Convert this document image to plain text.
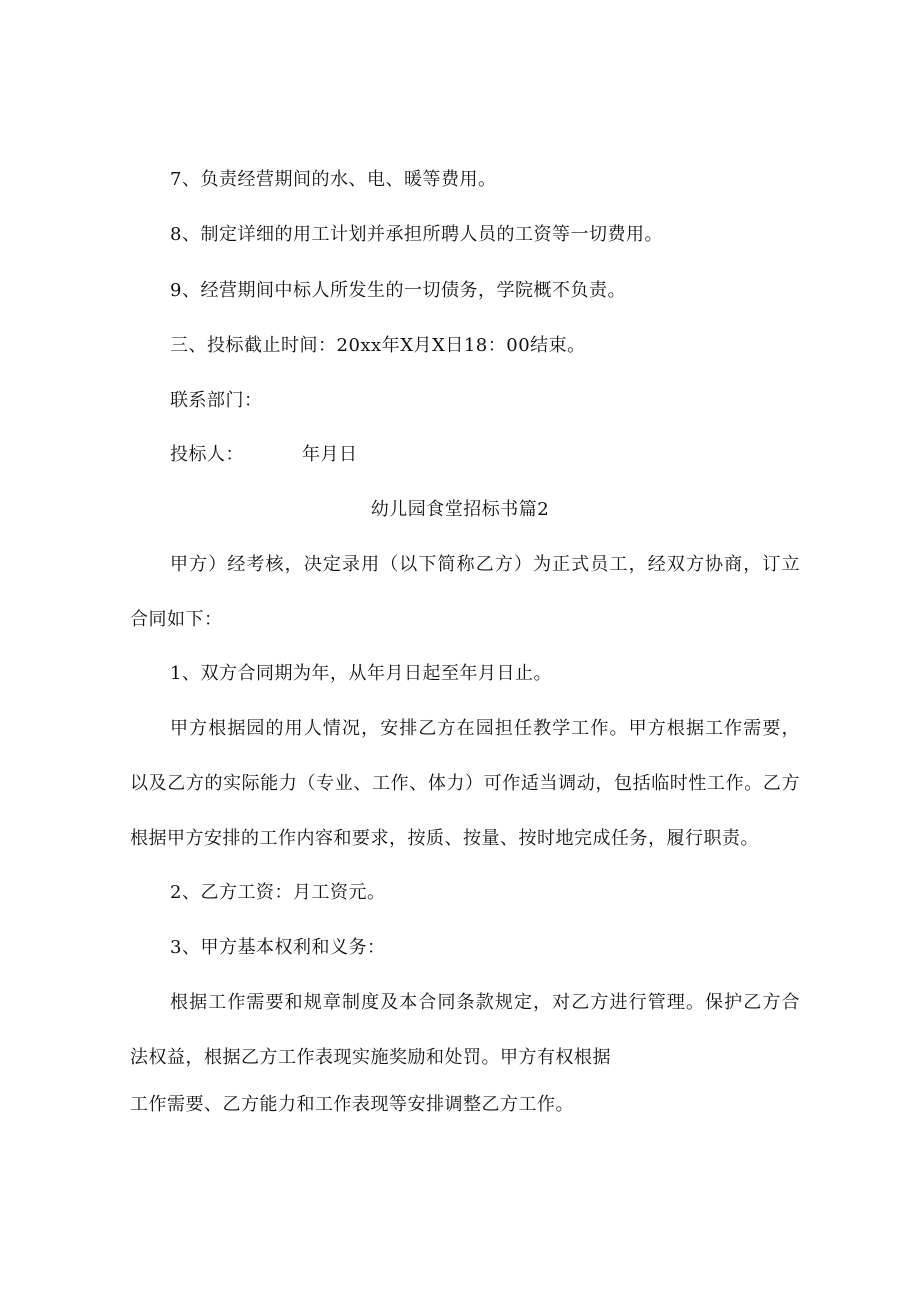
7、负责经营期间的水、电、暖等费用。
8、制定详细的用工计划并承担所聘人员的工资等一切费用。
9、经营期间中标人所发生的一切债务，学院概不负责。
三、投标截止时间：20xx年X月X日18：00结束。
联系部门：
投标人：	年月日
幼儿园食堂招标书篇2
甲方）经考核，决定录用（以下简称乙方）为正式员工，经双方协商，订立
合同如下：
1、双方合同期为年，从年月日起至年月日止。
甲方根据园的用人情况，安排乙方在园担任教学工作。甲方根据工作需要，
以及乙方的实际能力（专业、工作、体力）可作适当调动，包括临时性工作。乙方
根据甲方安排的工作内容和要求，按质、按量、按时地完成任务，履行职责。
2、乙方工资：月工资元。
3、甲方基本权利和义务：
根据工作需要和规章制度及本合同条款规定，对乙方进行管理。保护乙方合
法权益，根据乙方工作表现实施奖励和处罚。甲方有权根据
工作需要、乙方能力和工作表现等安排调整乙方工作。
